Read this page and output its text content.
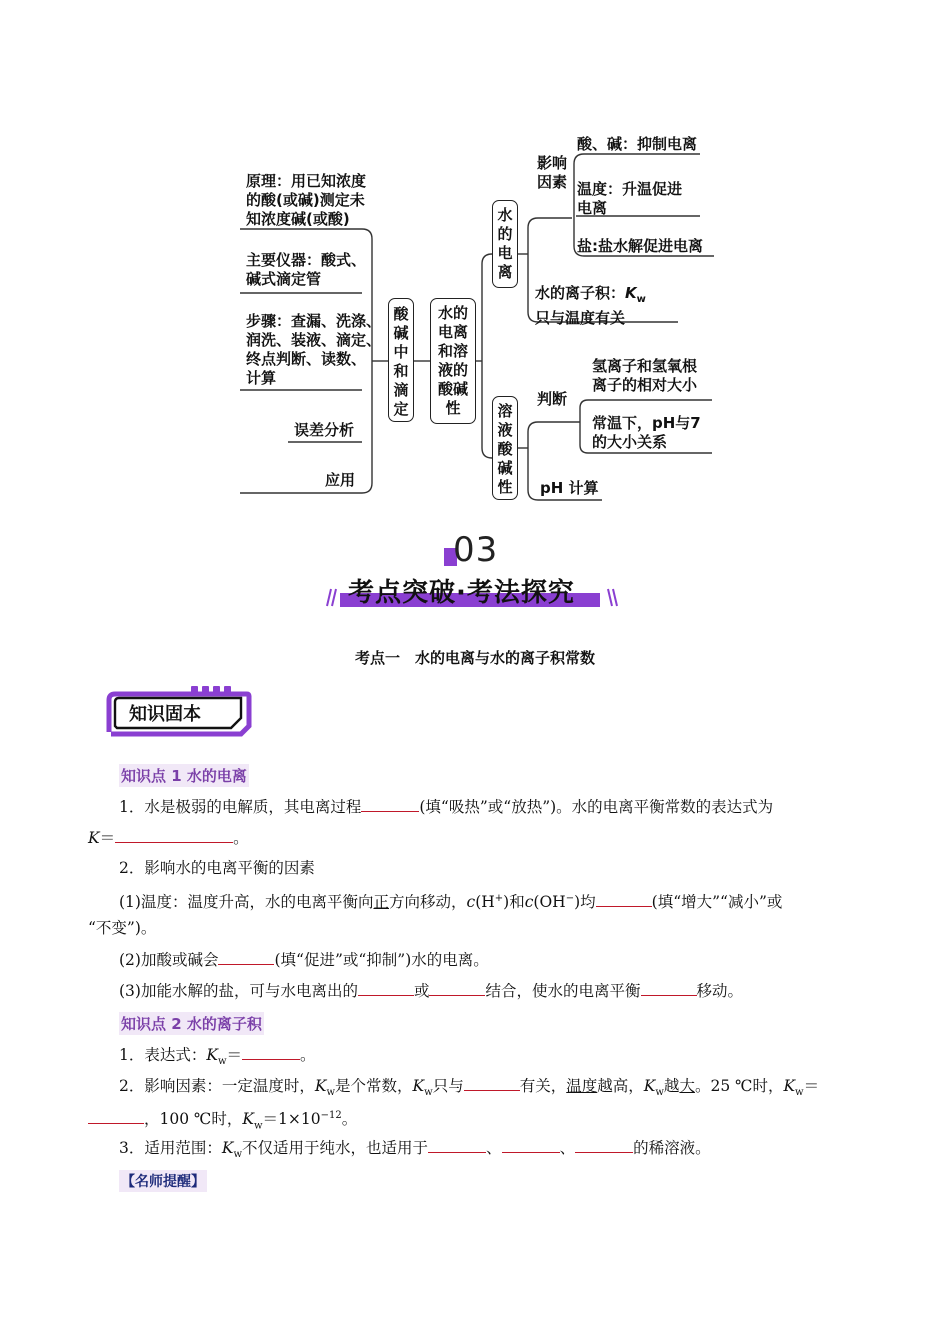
原理：用已知浓度
的酸(或碱)测定未
知浓度碱(或酸)
主要仪器：酸式、
碱式滴定管
步骤：查漏、洗涤、
润洗、装液、滴定、
终点判断、读数、
计算
误差分析
应用
酸碱中和滴定
水的电离和溶液的酸碱性
水的电离
影响
因素
酸、碱：抑制电离
温度：升温促进
电离
盐:盐水解促进电离
水的离子积：$K_w$
只与温度有关
溶液酸碱性
判断
氢离子和氢氧根
离子的相对大小
常温下，pH与7
的大小关系
pH 计算
03
考点突破·考法探究
考点一　水的电离与水的离子积常数
知识固本
知识点 1 水的电离
1．水是极弱的电解质，其电离过程	(填“吸热”或“放热”)。水的电离平衡常数的表达式为
K＝	。
2．影响水的电离平衡的因素
(1)温度：温度升高，水的电离平衡向正方向移动，c(H+)和c(OH−)均	(填“增大”“减小”或
“不变”)。
(2)加酸或碱会	(填“促进”或“抑制”)水的电离。
(3)加能水解的盐，可与水电离出的	或	结合，使水的电离平衡	移动。
知识点 2 水的离子积
1．表达式：$K_w=$	。
2．影响因素：一定温度时，$K_w$是个常数，$K_w$只与	有关，温度越高，$K_w$越大。25 ℃时，$K_w=$
，100 ℃时，$K_w=1\times 10^{-12}$。
3．适用范围：$K_w$不仅适用于纯水，也适用于	、	、	的稀溶液。
【名师提醒】
